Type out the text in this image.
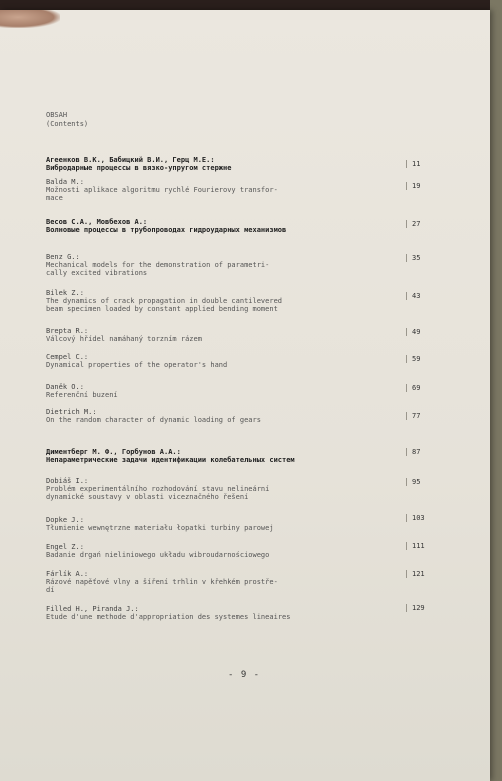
OBSAH
(Contents)
Агеенков В.К., Бабицкий В.И., Герц М.Е.:
Вибродарные процессы в вязко-упругом стержне	11
Balda M.:
Možnosti aplikace algoritmu rychlé Fourierovy transfor-
mace
19
Весов С.А., Мовбехов А.:
Волновые процессы в трубопроводах гидроударных механизмов
27
Benz G.:
Mechanical models for the demonstration of parametri-
cally excited vibrations
35
Bilek Z.:
The dynamics of crack propagation in double cantilevered
beam specimen loaded by constant applied bending moment
43
Brepta R.:
Válcový hřídel namáhaný torzním rázem
49
Cempel C.:
Dynamical properties of the operator's hand
59
Daněk O.:
Referenční buzení
69
Dietrich M.:
On the random character of dynamic loading of gears	77
Диментберг М. Ф., Горбунов А.А.:
Непараметрические задачи идентификации колебательных систем
87
Dobiáš I.:
Problém experimentálního rozhodování stavu nelineární
dynamické soustavy v oblasti viceznačného řešení
95
Dopke J.:
Tłumienie wewnętrzne materiału łopatki turbiny parowej
103
Engel Z.:
Badanie drgań nieliniowego układu wibroudarnościowego
111
Fárlík A.:
Rázové napěťové vlny a šíření trhlin v křehkém prostře-
dí
121
Filled H., Piranda J.:
Etude d'une methode d'appropriation des systemes lineaires
129
- 9 -
